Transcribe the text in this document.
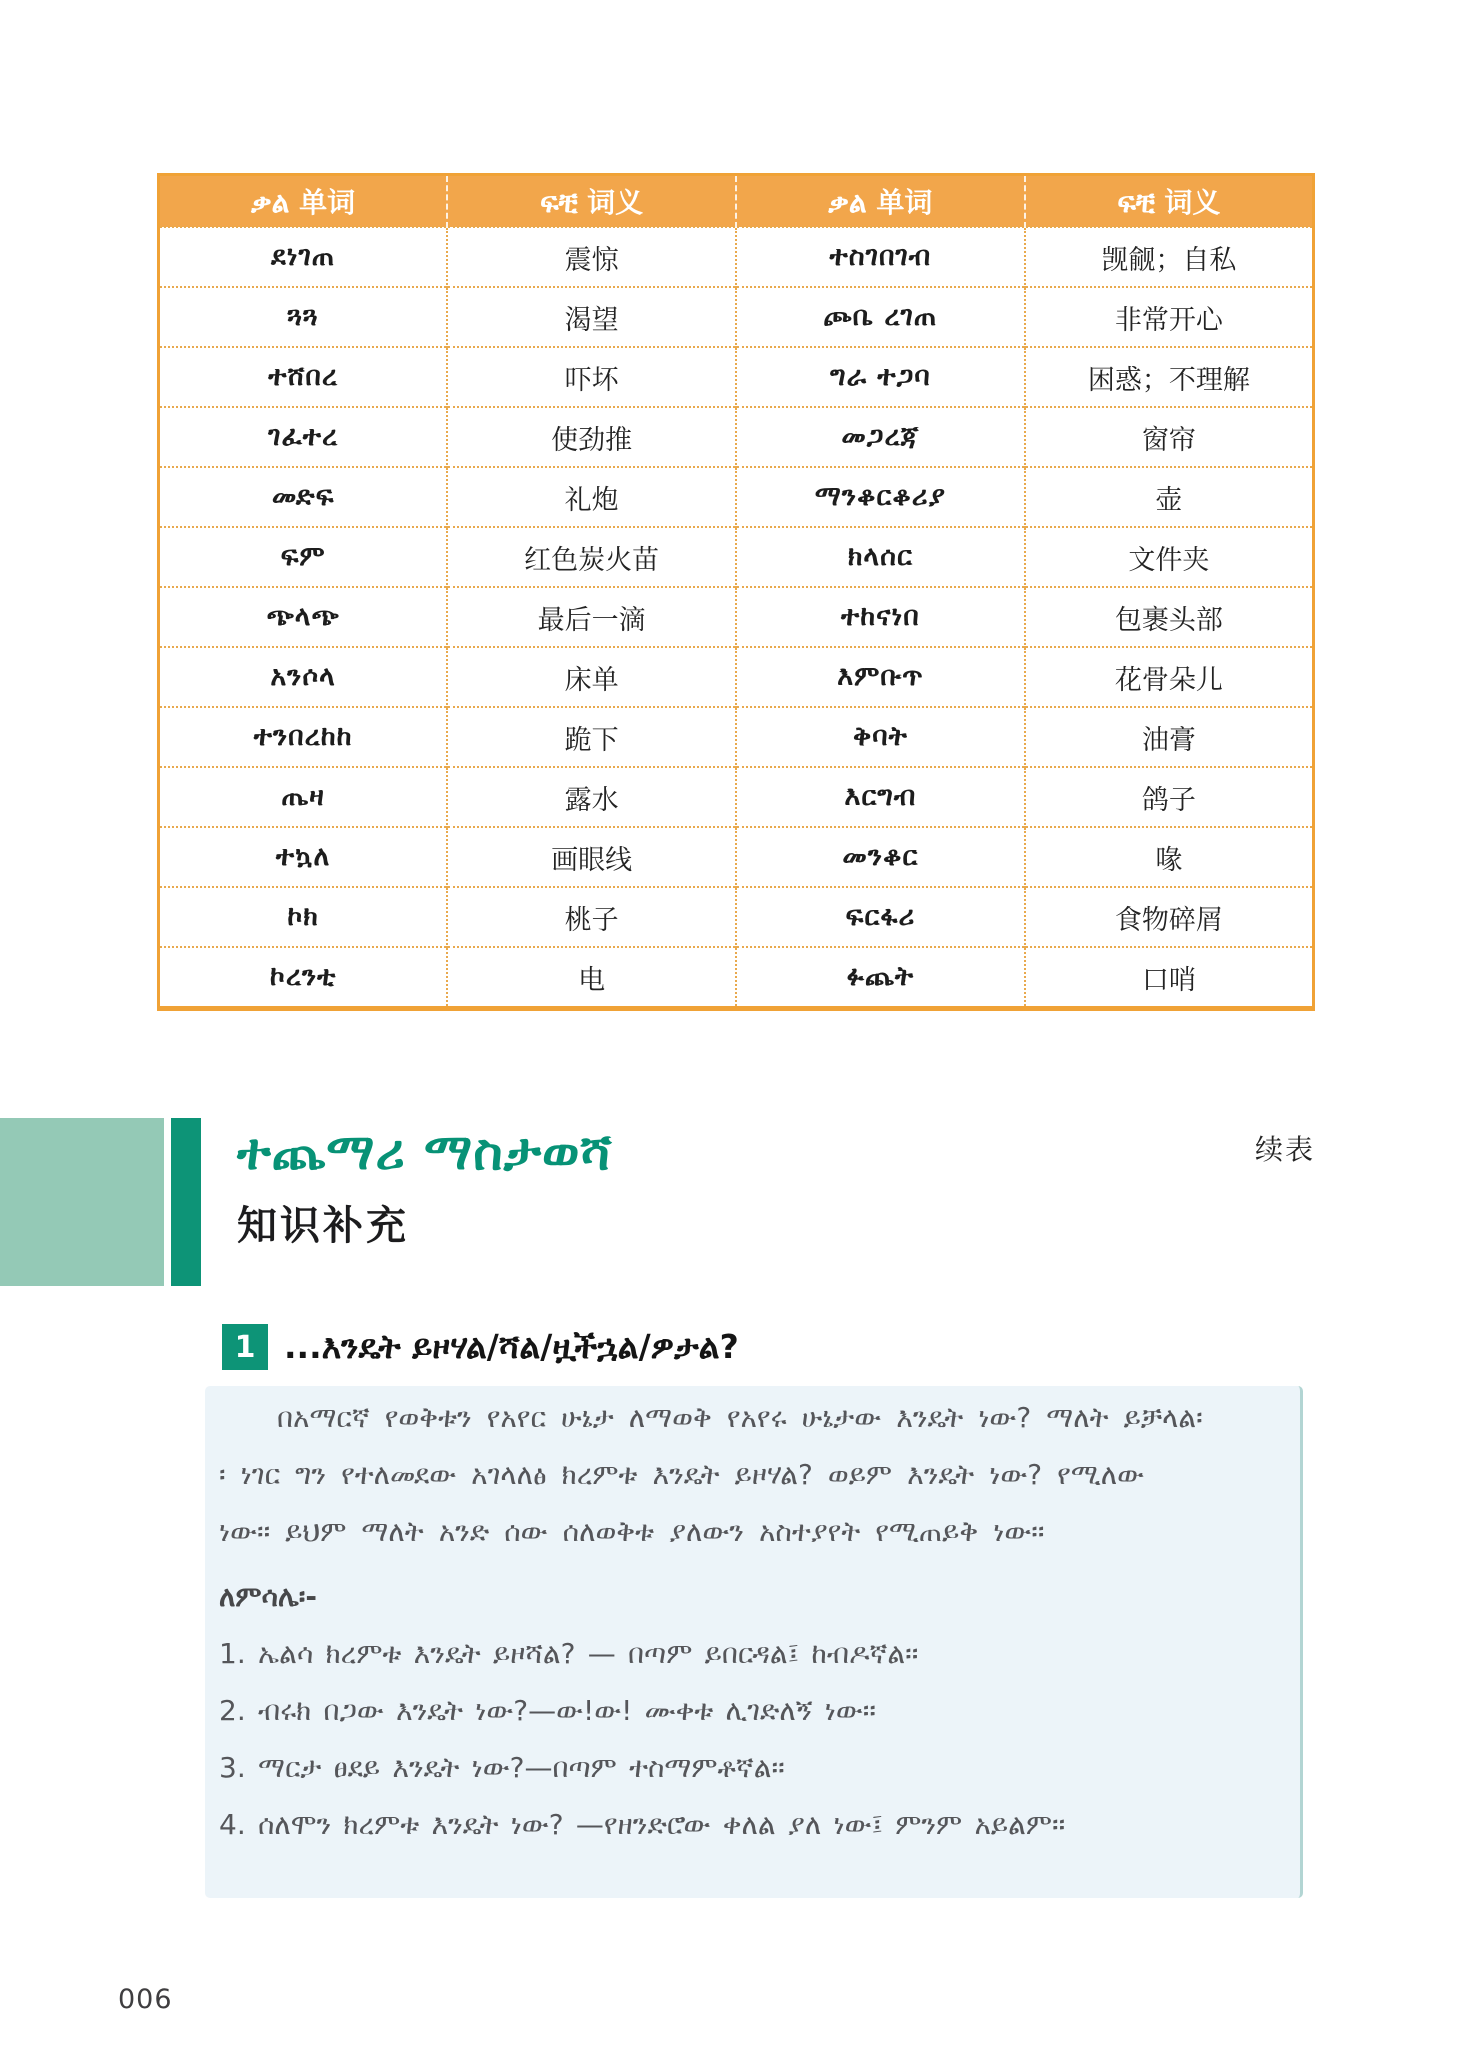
续表
ቃል 单词	ፍቺ 词义	ቃል 单词	ፍቺ 词义
ደነገጠ	震惊	ተስገበገብ	觊觎；自私
ጓጓ	渴望	ጮቤ ረገጠ	非常开心
ተሸበረ	吓坏	ግራ ተጋባ	困惑；不理解
ገፈተረ	使劲推	መጋረጃ	窗帘
መድፍ	礼炮	ማንቆርቆሪያ	壶
ፍም	红色炭火苗	ክላሰር	文件夹
ጭላጭ	最后一滴	ተከናነበ	包裹头部
አንሶላ	床单	እምቡጥ	花骨朵儿
ተንበረከከ	跪下	ቅባት	油膏
ጤዛ	露水	እርግብ	鸽子
ተኳለ	画眼线	መንቆር	喙
ኮክ	桃子	ፍርፋሪ	食物碎屑
ኮረንቲ	电	ፉጨት	口哨
ተጨማሪ ማስታወሻ
知识补充
1 ...እንዴት ይዞሃል/ሻል/ዟችኋል/ዎታል?
በአማርኛ የወቅቱን የአየር ሁኔታ ለማወቅ የአየሩ ሁኔታው እንዴት ነው? ማለት ይቻላል፡
፡ ነገር ግን የተለመደው አገላለፅ ክረምቱ እንዴት ይዞሃል? ወይም እንዴት ነው? የሚለው
ነው፡፡ ይህም ማለት አንድ ሰው ሰለወቅቱ ያለውን አስተያየት የሚጠይቅ ነው፡፡
ለምሳሌ፡-
1. ኤልሳ ክረምቱ እንዴት ይዞሻል? — በጣም ይበርዳል፤ ከብዶኛል፡፡
2. ብሩክ በጋው እንዴት ነው?—ው!ው! ሙቀቱ ሊገድለኝ ነው፡፡
3. ማርታ ፀደይ እንዴት ነው?—በጣም ተስማምቶኛል፡፡
4. ሰለሞን ክረምቱ እንዴት ነው? —የዘንድሮው ቀለል ያለ ነው፤ ምንም አይልም፡፡
006
